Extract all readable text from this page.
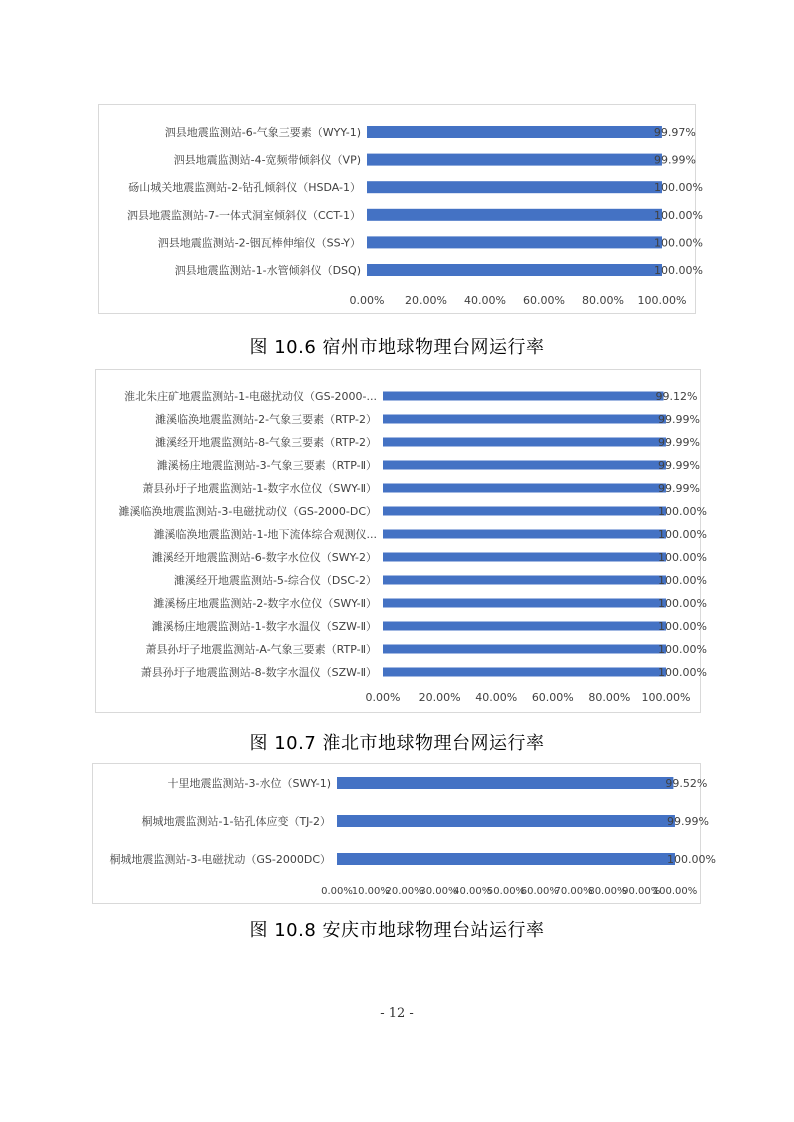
泗县地震监测站-6-气象三要素（WYY-1)	99.97%
泗县地震监测站-4-宽频带倾斜仪（VP)	99.99%
砀山城关地震监测站-2-钻孔倾斜仪（HSDA-1）	100.00%
泗县地震监测站-7-一体式洞室倾斜仪（CCT-1）	100.00%
泗县地震监测站-2-铟瓦棒伸缩仪（SS-Y）	100.00%
泗县地震监测站-1-水管倾斜仪（DSQ)	100.00%
0.00% 20.00% 40.00% 60.00% 80.00% 100.00%
图 10.6 宿州市地球物理台网运行率
淮北朱庄矿地震监测站-1-电磁扰动仪（GS-2000-...	99.12%
濉溪临涣地震监测站-2-气象三要素（RTP-2）	99.99%
濉溪经开地震监测站-8-气象三要素（RTP-2）	99.99%
濉溪杨庄地震监测站-3-气象三要素（RTP-Ⅱ）	99.99%
萧县孙圩子地震监测站-1-数字水位仪（SWY-Ⅱ）	99.99%
濉溪临涣地震监测站-3-电磁扰动仪（GS-2000-DC）	100.00%
濉溪临涣地震监测站-1-地下流体综合观测仪...	100.00%
濉溪经开地震监测站-6-数字水位仪（SWY-2）	100.00%
濉溪经开地震监测站-5-综合仪（DSC-2）	100.00%
濉溪杨庄地震监测站-2-数字水位仪（SWY-Ⅱ）	100.00%
濉溪杨庄地震监测站-1-数字水温仪（SZW-Ⅱ）	100.00%
萧县孙圩子地震监测站-A-气象三要素（RTP-Ⅱ）	100.00%
萧县孙圩子地震监测站-8-数字水温仪（SZW-Ⅱ）	100.00%
0.00% 20.00% 40.00% 60.00% 80.00% 100.00%
图 10.7 淮北市地球物理台网运行率
十里地震监测站-3-水位（SWY-1)	99.52%
桐城地震监测站-1-钻孔体应变（TJ-2）	99.99%
桐城地震监测站-3-电磁扰动（GS-2000DC）	100.00%
0.00%
10.00%
20.00%
30.00%
40.00%
50.00%
60.00%
70.00%
80.00%
90.00%
100.00%
图 10.8 安庆市地球物理台站运行率
- 12 -
